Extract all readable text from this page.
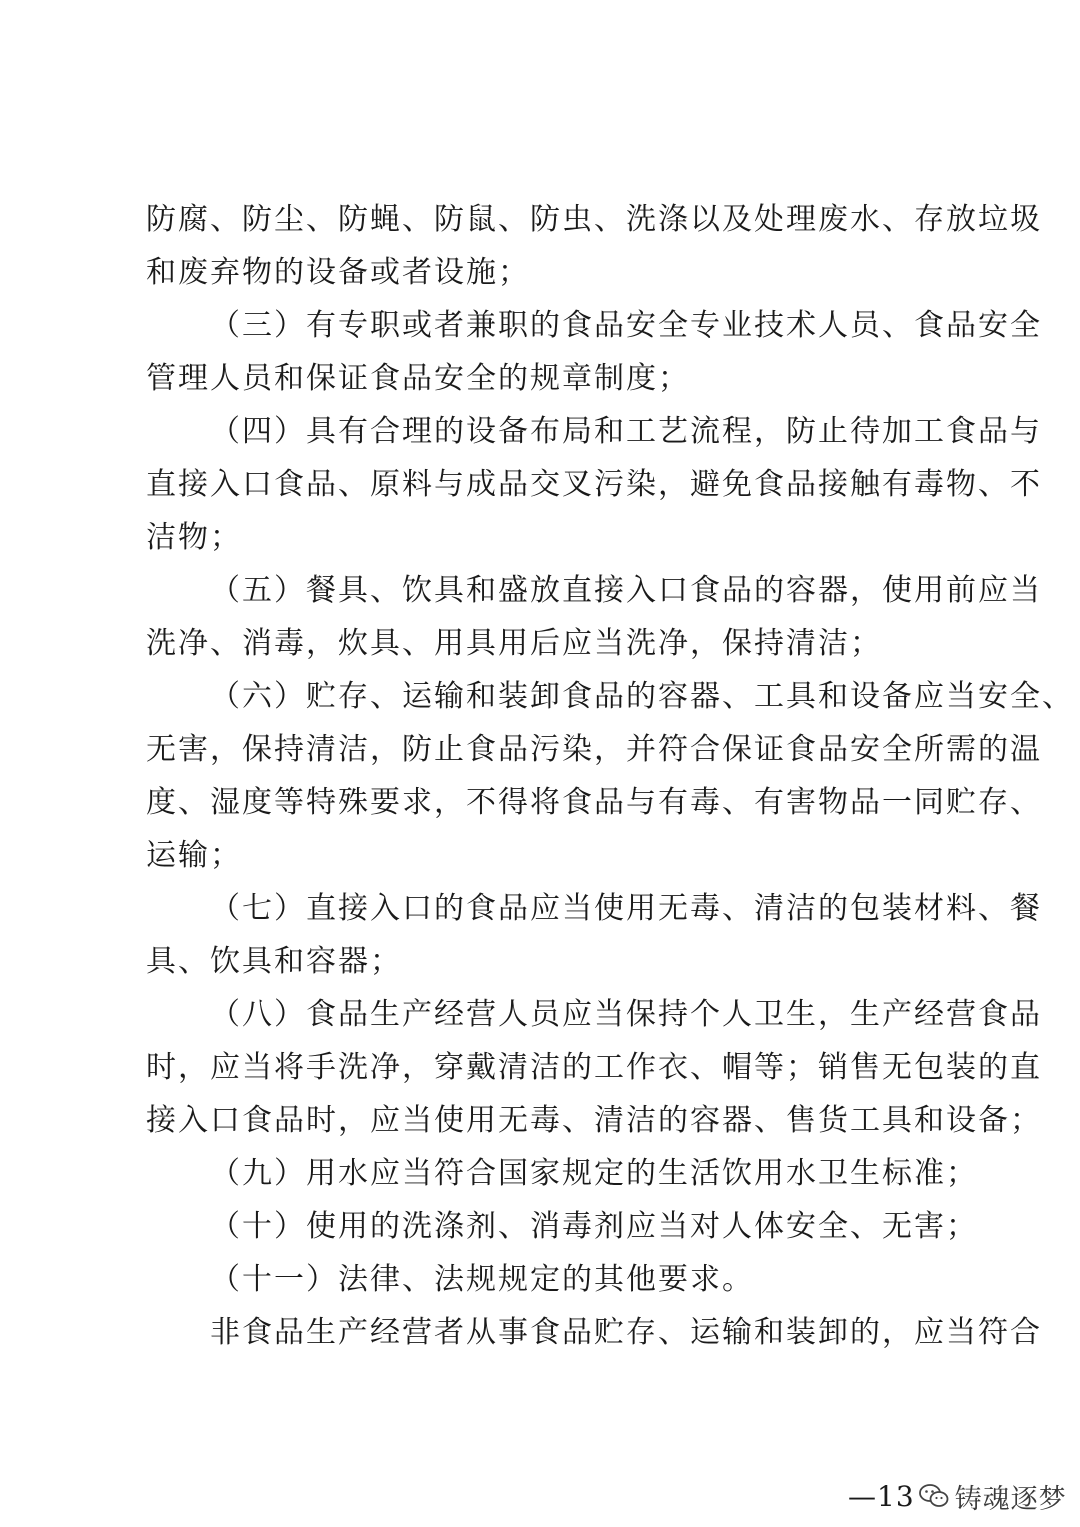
防腐、防尘、防蝇、防鼠、防虫、洗涤以及处理废水、存放垃圾
和废弃物的设备或者设施；
（三）有专职或者兼职的食品安全专业技术人员、食品安全
管理人员和保证食品安全的规章制度；
（四）具有合理的设备布局和工艺流程，防止待加工食品与
直接入口食品、原料与成品交叉污染，避免食品接触有毒物、不
洁物；
（五）餐具、饮具和盛放直接入口食品的容器，使用前应当
洗净、消毒，炊具、用具用后应当洗净，保持清洁；
（六）贮存、运输和装卸食品的容器、工具和设备应当安全、
无害，保持清洁，防止食品污染，并符合保证食品安全所需的温
度、湿度等特殊要求，不得将食品与有毒、有害物品一同贮存、
运输；
（七）直接入口的食品应当使用无毒、清洁的包装材料、餐
具、饮具和容器；
（八）食品生产经营人员应当保持个人卫生，生产经营食品
时，应当将手洗净，穿戴清洁的工作衣、帽等；销售无包装的直
接入口食品时，应当使用无毒、清洁的容器、售货工具和设备；
（九）用水应当符合国家规定的生活饮用水卫生标准；
（十）使用的洗涤剂、消毒剂应当对人体安全、无害；
（十一）法律、法规规定的其他要求。
非食品生产经营者从事食品贮存、运输和装卸的，应当符合
—13 铸魂逐梦
